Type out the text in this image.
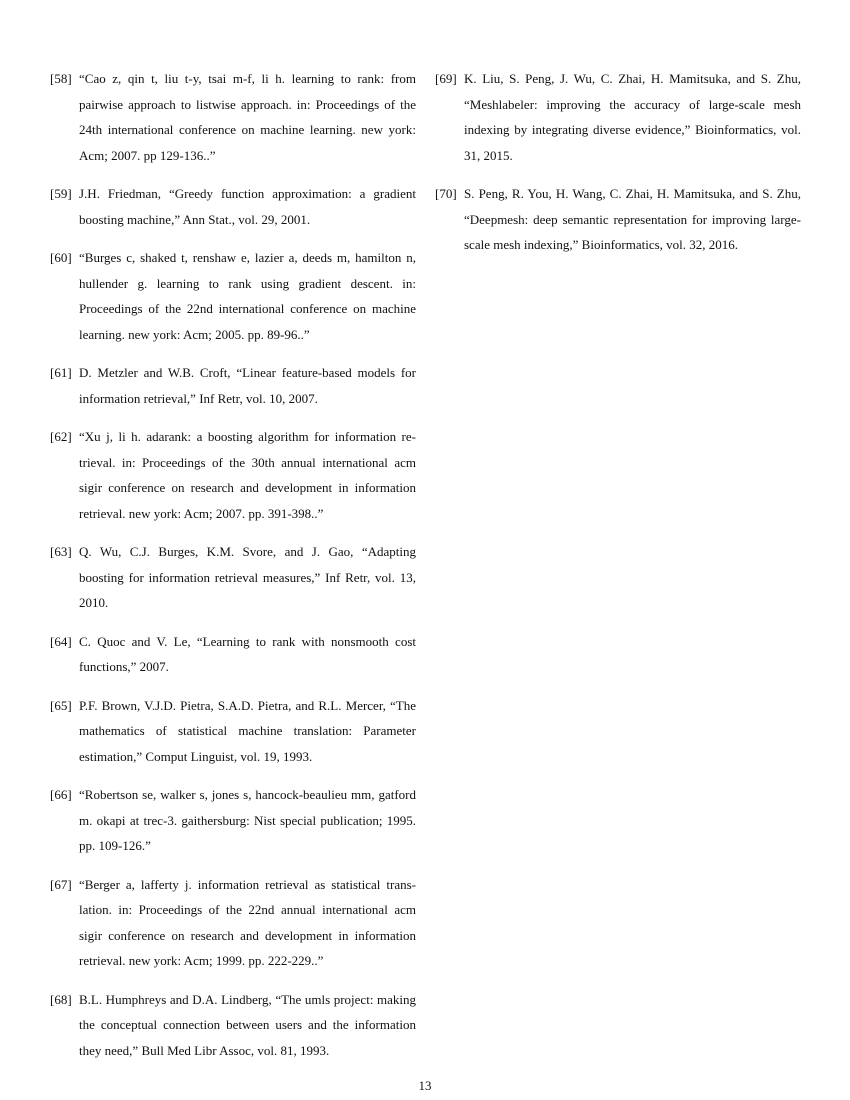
[58] “Cao z, qin t, liu t-y, tsai m-f, li h. learning to rank: from pairwise approach to listwise approach. in: Proceedings of the 24th international conference on machine learning. new york: Acm; 2007. pp 129-136..”
[59] J.H. Friedman, “Greedy function approximation: a gradient boosting machine,” Ann Stat., vol. 29, 2001.
[60] “Burges c, shaked t, renshaw e, lazier a, deeds m, hamilton n, hullender g. learning to rank using gradient descent. in: Proceedings of the 22nd international conference on machine learning. new york: Acm; 2005. pp. 89-96..”
[61] D. Metzler and W.B. Croft, “Linear feature-based models for information retrieval,” Inf Retr, vol. 10, 2007.
[62] “Xu j, li h. adarank: a boosting algorithm for information retrieval. in: Proceedings of the 30th annual international acm sigir conference on research and development in information retrieval. new york: Acm; 2007. pp. 391-398..”
[63] Q. Wu, C.J. Burges, K.M. Svore, and J. Gao, “Adapting boosting for information retrieval measures,” Inf Retr, vol. 13, 2010.
[64] C. Quoc and V. Le, “Learning to rank with nonsmooth cost functions,” 2007.
[65] P.F. Brown, V.J.D. Pietra, S.A.D. Pietra, and R.L. Mercer, “The mathematics of statistical machine translation: Parameter estimation,” Comput Linguist, vol. 19, 1993.
[66] “Robertson se, walker s, jones s, hancock-beaulieu mm, gatford m. okapi at trec-3. gaithersburg: Nist special publication; 1995. pp. 109-126.”
[67] “Berger a, lafferty j. information retrieval as statistical translation. in: Proceedings of the 22nd annual international acm sigir conference on research and development in information retrieval. new york: Acm; 1999. pp. 222-229..”
[68] B.L. Humphreys and D.A. Lindberg, “The umls project: making the conceptual connection between users and the information they need,” Bull Med Libr Assoc, vol. 81, 1993.
[69] K. Liu, S. Peng, J. Wu, C. Zhai, H. Mamitsuka, and S. Zhu, “Meshlabeler: improving the accuracy of large-scale mesh indexing by integrating diverse evidence,” Bioinformatics, vol. 31, 2015.
[70] S. Peng, R. You, H. Wang, C. Zhai, H. Mamitsuka, and S. Zhu, “Deepmesh: deep semantic representation for improving large-scale mesh indexing,” Bioinformatics, vol. 32, 2016.
13
